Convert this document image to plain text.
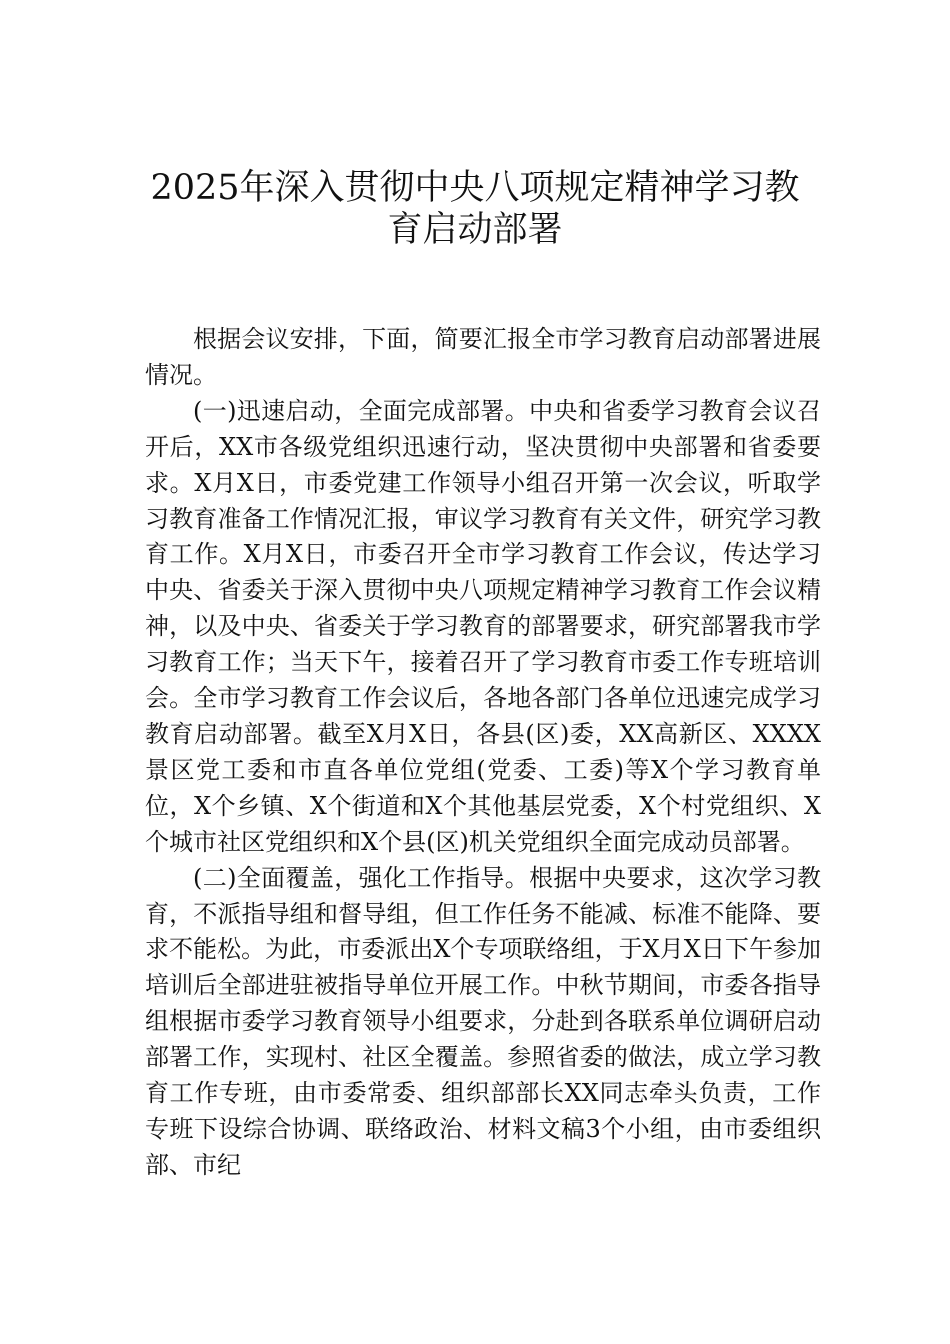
2025年深入贯彻中央八项规定精神学习教
育启动部署

根据会议安排，下面，简要汇报全市学习教育启动部署进展情况。

(一)迅速启动，全面完成部署。中央和省委学习教育会议召开后，XX市各级党组织迅速行动，坚决贯彻中央部署和省委要求。X月X日，市委党建工作领导小组召开第一次会议，听取学习教育准备工作情况汇报，审议学习教育有关文件，研究学习教育工作。X月X日，市委召开全市学习教育工作会议，传达学习中央、省委关于深入贯彻中央八项规定精神学习教育工作会议精神，以及中央、省委关于学习教育的部署要求，研究部署我市学习教育工作；当天下午，接着召开了学习教育市委工作专班培训会。全市学习教育工作会议后，各地各部门各单位迅速完成学习教育启动部署。截至X月X日，各县(区)委，XX高新区、XXXX景区党工委和市直各单位党组(党委、工委)等X个学习教育单位，X个乡镇、X个街道和X个其他基层党委，X个村党组织、X个城市社区党组织和X个县(区)机关党组织全面完成动员部署。

(二)全面覆盖，强化工作指导。根据中央要求，这次学习教育，不派指导组和督导组，但工作任务不能减、标准不能降、要求不能松。为此，市委派出X个专项联络组，于X月X日下午参加培训后全部进驻被指导单位开展工作。中秋节期间，市委各指导组根据市委学习教育领导小组要求，分赴到各联系单位调研启动部署工作，实现村、社区全覆盖。参照省委的做法，成立学习教育工作专班，由市委常委、组织部部长XX同志牵头负责，工作专班下设综合协调、联络政治、材料文稿3个小组，由市委组织部、市纪
